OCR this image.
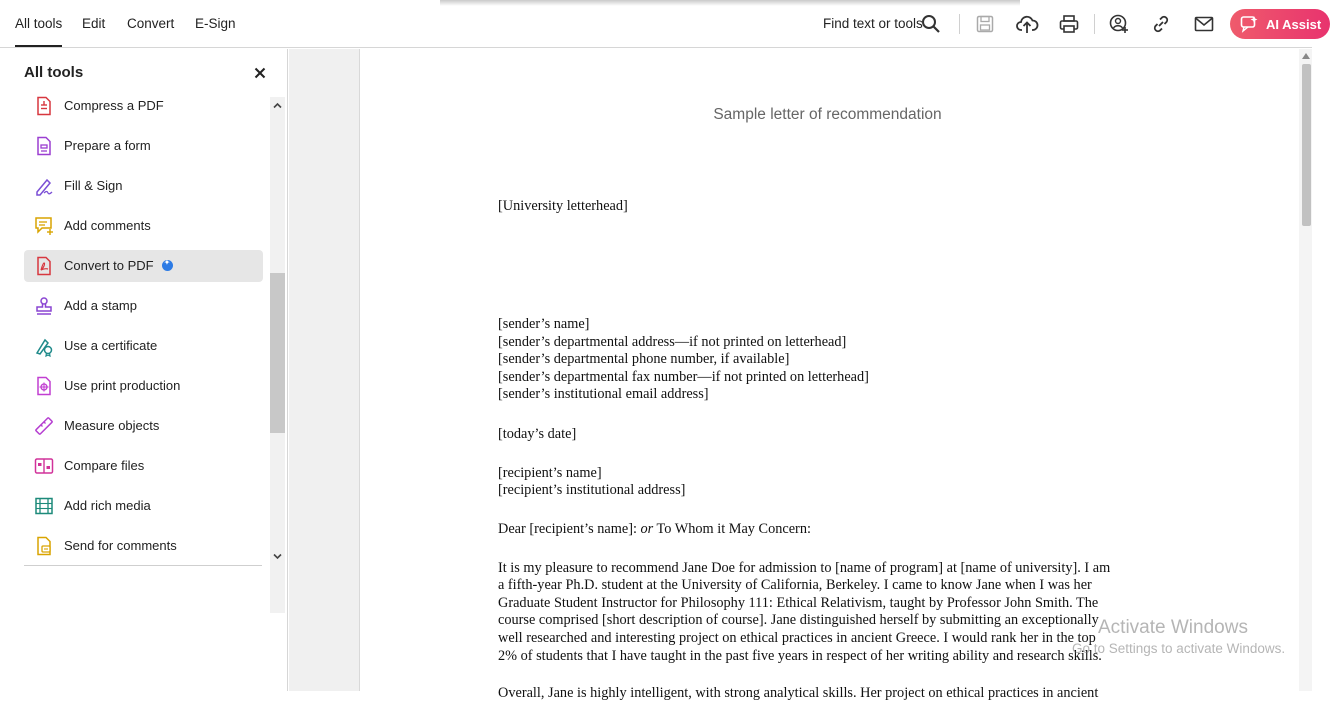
All tools Edit Convert E-Sign	Find text or tools	AI Assist
All tools
Compress a PDF
Prepare a form
Fill & Sign
Add comments
Convert to PDF✦
Add a stamp
Use a certificate
Use print production
Measure objects
Compare files
Add rich media
Send for comments
Sample letter of recommendation
[University letterhead]
[sender’s name]
[sender’s departmental address—if not printed on letterhead]
[sender’s departmental phone number, if available]
[sender’s departmental fax number—if not printed on letterhead]
[sender’s institutional email address]
[today’s date]
[recipient’s name]
[recipient’s institutional address]
Dear [recipient’s name]: or To Whom it May Concern:
It is my pleasure to recommend Jane Doe for admission to [name of program] at [name of university]. I am
a fifth-year Ph.D. student at the University of California, Berkeley. I came to know Jane when I was her
Graduate Student Instructor for Philosophy 111: Ethical Relativism, taught by Professor John Smith. The
course comprised [short description of course]. Jane distinguished herself by submitting an exceptionally
well researched and interesting project on ethical practices in ancient Greece. I would rank her in the top
2% of students that I have taught in the past five years in respect of her writing ability and research skills.
Overall, Jane is highly intelligent, with strong analytical skills. Her project on ethical practices in ancient
Activate Windows
Go to Settings to activate Windows.
